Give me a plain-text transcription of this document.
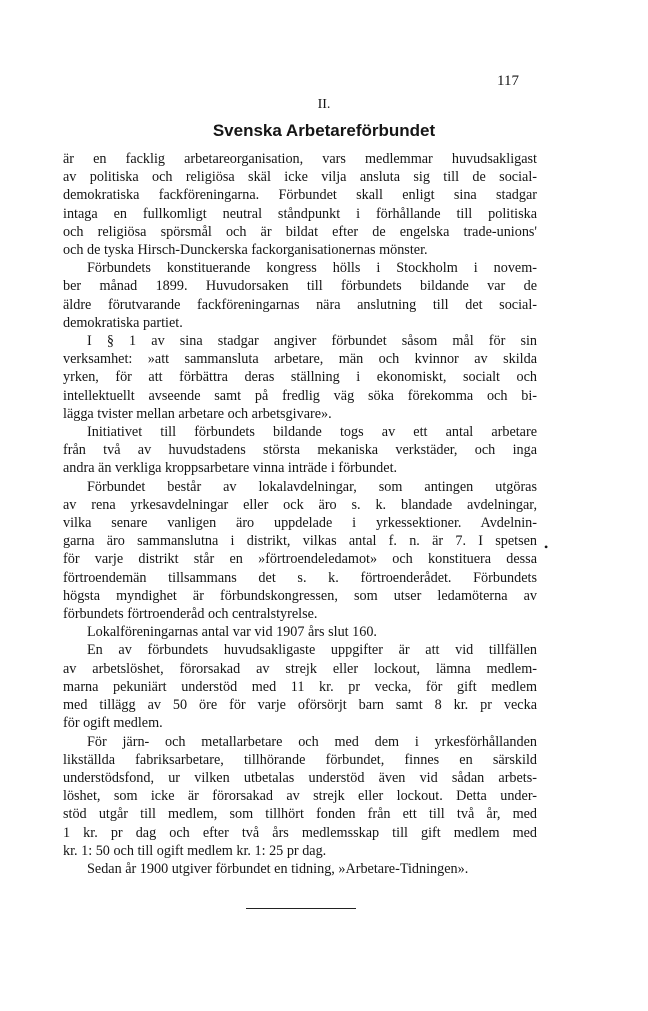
117
II.
Svenska Arbetareförbundet

är en facklig arbetareorganisation, vars medlemmar huvudsakligast
av politiska och religiösa skäl icke vilja ansluta sig till de social-
demokratiska fackföreningarna. Förbundet skall enligt sina stadgar
intaga en fullkomligt neutral ståndpunkt i förhållande till politiska
och religiösa spörsmål och är bildat efter de engelska trade-unions'
och de tyska Hirsch-Dunckerska fackorganisationernas mönster.

Förbundets konstituerande kongress hölls i Stockholm i novem-
ber månad 1899. Huvudorsaken till förbundets bildande var de
äldre förutvarande fackföreningarnas nära anslutning till det social-
demokratiska partiet.

I § 1 av sina stadgar angiver förbundet såsom mål för sin
verksamhet: »att sammansluta arbetare, män och kvinnor av skilda
yrken, för att förbättra deras ställning i ekonomiskt, socialt och
intellektuellt avseende samt på fredlig väg söka förekomma och bi-
lägga tvister mellan arbetare och arbetsgivare».

Initiativet till förbundets bildande togs av ett antal arbetare
från två av huvudstadens största mekaniska verkstäder, och inga
andra än verkliga kroppsarbetare vinna inträde i förbundet.

Förbundet består av lokalavdelningar, som antingen utgöras
av rena yrkesavdelningar eller ock äro s. k. blandade avdelningar,
vilka senare vanligen äro uppdelade i yrkessektioner. Avdelnin-
garna äro sammanslutna i distrikt, vilkas antal f. n. är 7. I spetsen
för varje distrikt står en »förtroendeledamot» och konstituera dessa
förtroendemän tillsammans det s. k. förtroenderådet. Förbundets
högsta myndighet är förbundskongressen, som utser ledamöterna av
förbundets förtroenderåd och centralstyrelse.

Lokalföreningarnas antal var vid 1907 års slut 160.

En av förbundets huvudsakligaste uppgifter är att vid tillfällen
av arbetslöshet, förorsakad av strejk eller lockout, lämna medlem-
marna pekuniärt understöd med 11 kr. pr vecka, för gift medlem
med tillägg av 50 öre för varje oförsörjt barn samt 8 kr. pr vecka
för ogift medlem.

För järn- och metallarbetare och med dem i yrkesförhållanden
likställda fabriksarbetare, tillhörande förbundet, finnes en särskild
understödsfond, ur vilken utbetalas understöd även vid sådan arbets-
löshet, som icke är förorsakad av strejk eller lockout. Detta under-
stöd utgår till medlem, som tillhört fonden från ett till två år, med
1 kr. pr dag och efter två års medlemsskap till gift medlem med
kr. 1: 50 och till ogift medlem kr. 1: 25 pr dag.

Sedan år 1900 utgiver förbundet en tidning, »Arbetare-Tidningen».

•
